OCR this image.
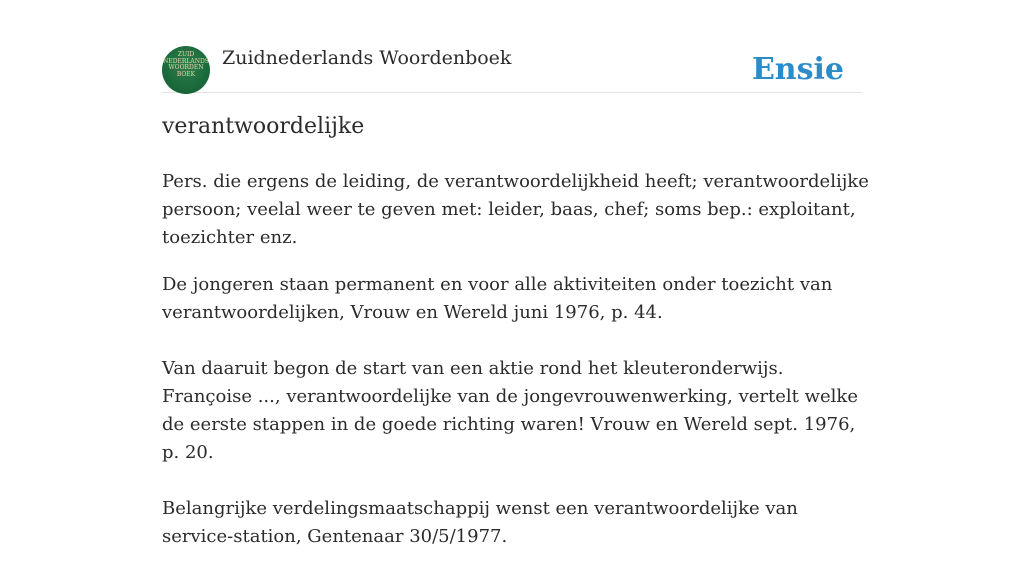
ZUID
NEDERLANDS
WOORDEN
BOEK
Zuidnederlands Woordenboek	Ensie
verantwoordelijke

Pers. die ergens de leiding, de verantwoordelijkheid heeft; verantwoordelijke persoon; veelal weer te geven met: leider, baas, chef; soms bep.: exploitant, toezichter enz.

De jongeren staan permanent en voor alle aktiviteiten onder toezicht van verantwoordelijken, Vrouw en Wereld juni 1976, p. 44.

Van daaruit begon de start van een aktie rond het kleuteronderwijs. Françoise ..., verantwoordelijke van de jongevrouwenwerking, vertelt welke de eerste stappen in de goede richting waren! Vrouw en Wereld sept. 1976, p. 20.

Belangrijke verdelingsmaatschappij wenst een verantwoordelijke van service-station, Gentenaar 30/5/1977.
